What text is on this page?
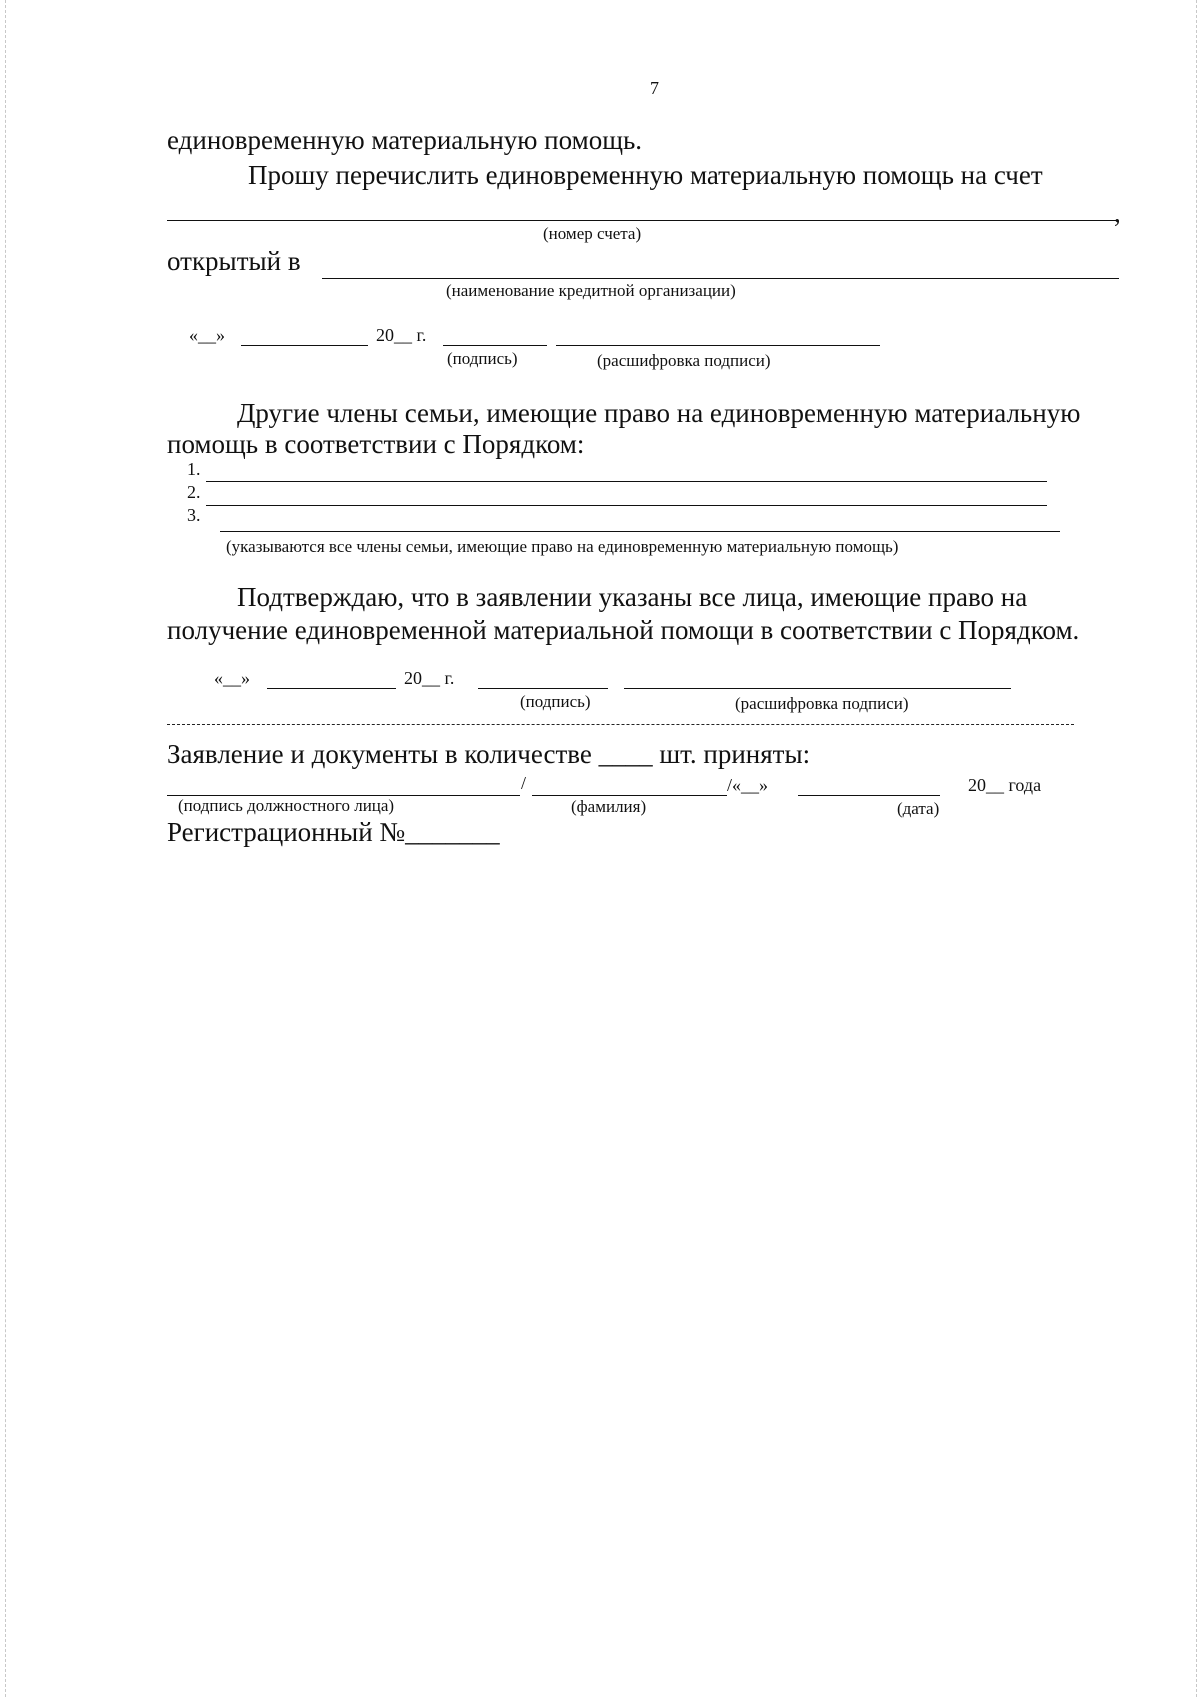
7
единовременную материальную помощь.
Прошу перечислить единовременную материальную помощь на счет
,
(номер счета)
открытый в
(наименование кредитной организации)
«__»	20__ г.
(подпись)	(расшифровка подписи)
Другие члены семьи, имеющие право на единовременную материальную
помощь в соответствии с Порядком:
1.
2.
3.
(указываются все члены семьи, имеющие право на единовременную материальную помощь)
Подтверждаю, что в заявлении указаны все лица, имеющие право на
получение единовременной материальной помощи в соответствии с Порядком.
«__»	20__ г.
(подпись)	(расшифровка подписи)
Заявление и документы в количестве ____ шт. приняты:
/	/«__»	20__ года
(подпись должностного лица)	(фамилия)	(дата)
Регистрационный №_______
